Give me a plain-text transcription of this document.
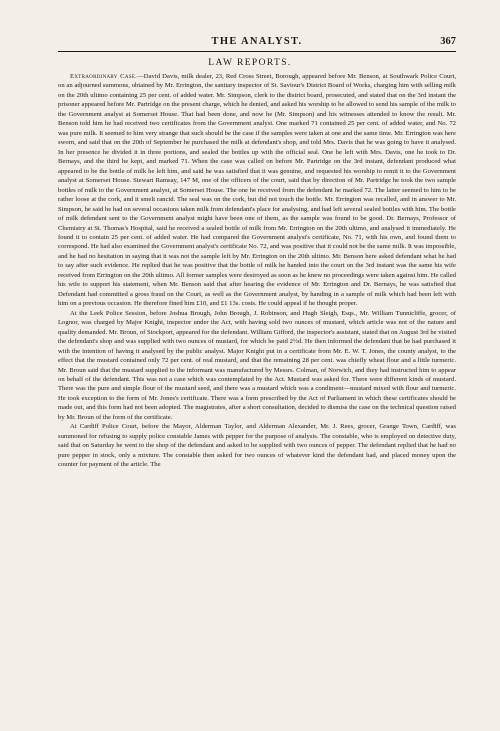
THE ANALYST.	367
LAW REPORTS.

Extraordinary Case.—David Davis, milk dealer, 23, Red Cross Street, Borough, appeared before Mr. Benson, at Southwark Police Court, on an adjourned summons, obtained by Mr. Errington, the sanitary inspector of St. Saviour's District Board of Works, charging him with selling milk on the 20th ultimo containing 25 per cent. of added water. Mr. Simpson, clerk to the district board, prosecuted, and stated that on the 3rd instant the prisoner appeared before Mr. Partridge on the present charge, which he denied, and asked his worship to be allowed to send his sample of the milk to the Government analyst at Somerset House. That had been done, and now he (Mr. Simpson) and his witnesses attended to know the result. Mr. Benson told him he had received two certificates from the Government analyst. One marked 71 contained 25 per cent. of added water, and No. 72 was pure milk. It seemed to him very strange that such should be the case if the samples were taken at one and the same time. Mr. Errington was here sworn, and said that on the 20th of September he purchased the milk at defendant's shop, and told Mrs. Davis that he was going to have it analysed. In her presence he divided it in three portions, and sealed the bottles up with the official seal. One he left with Mrs. Davis, one he took to Dr. Bernays, and the third he kept, and marked 71. When the case was called on before Mr. Partridge on the 3rd instant, defendant produced what appeared to be the bottle of milk he left him, and said he was satisfied that it was genuine, and requested his worship to remit it to the Government analyst at Somerset House. Stewart Ramsay, 147 M, one of the officers of the court, said that by direction of Mr. Partridge he took the two sample bottles of milk to the Government analyst, at Somerset House. The one he received from the defendant he marked 72. The latter seemed to him to be rather loose at the cork, and it smelt rancid. The seal was on the cork, but did not touch the bottle. Mr. Errington was recalled, and in answer to Mr. Simpson, he said he had on several occasions taken milk from defendant's place for analysing, and had left several sealed bottles with him. The bottle of milk defendant sent to the Government analyst might have been one of them, as the sample was found to be good. Dr. Bernays, Professor of Chemistry at St. Thomas's Hospital, said he received a sealed bottle of milk from Mr. Errington on the 20th ultimo, and analysed it immediately. He found it to contain 25 per cent. of added water. He had compared the Government analyst's certificate, No. 71, with his own, and found them to correspond. He had also examined the Government analyst's certificate No. 72, and was positive that it could not be the same milk. It was impossible, and he had no hesitation in saying that it was not the sample left by Mr. Errington on the 20th ultimo. Mr. Benson here asked defendant what he had to say after such evidence. He replied that he was positive that the bottle of milk he handed into the court on the 3rd instant was the same his wife received from Errington on the 20th ultimo. All former samples were destroyed as soon as he knew no proceedings were taken against him. He called his wife to support his statement, when Mr. Benson said that after hearing the evidence of Mr. Errington and Dr. Bernays, he was satisfied that Defendant had committed a gross fraud on the Court, as well as the Government analyst, by handing in a sample of milk which had been left with him on a previous occasion. He therefore fined him £10, and £1 13s. costs. He could appeal if he thought proper.

At the Leek Police Session, before Joshua Brough, John Brough, J. Robinson, and Hugh Sleigh, Esqs., Mr. William Tunnicliffe, grocer, of Lognor, was charged by Major Knight, inspector under the Act, with having sold two ounces of mustard, which article was not of the nature and quality demanded. Mr. Broun, of Stockport, appeared for the defendant. William Gifford, the inspector's assistant, stated that on August 3rd he visited the defendant's shop and was supplied with two ounces of mustard, for which he paid 2½d. He then informed the defendant that he had purchased it with the intention of having it analysed by the public analyst. Major Knight put in a certificate from Mr. E. W. T. Jones, the county analyst, to the effect that the mustard contained only 72 per cent. of real mustard, and that the remaining 28 per cent. was chiefly wheat flour and a little turmeric. Mr. Broun said that the mustard supplied to the informant was manufactured by Messrs. Colman, of Norwich, and they had instructed him to appear on behalf of the defendant. This was not a case which was contemplated by the Act. Mustard was asked for. There were different kinds of mustard. There was the pure and simple flour of the mustard seed, and there was a mustard which was a condiment—mustard mixed with flour and turmeric. He took exception to the form of Mr. Jones's certificate. There was a form prescribed by the Act of Parliament in which these certificates should be made out, and this form had not been adopted. The magistrates, after a short consultation, decided to dismiss the case on the technical question raised by Mr. Broun of the form of the certificate.

At Cardiff Police Court, before the Mayor, Alderman Taylor, and Alderman Alexander, Mr. J. Rees, grocer, Grange Town, Cardiff, was summoned for refusing to supply police constable James with pepper for the purpose of analysis. The constable, who is employed on detective duty, said that on Saturday he went to the shop of the defendant and asked to be supplied with two ounces of pepper. The defendant replied that he had no pure pepper in stock, only a mixture. The constable then asked for two ounces of whatever kind the defendant had, and placed money upon the counter for payment of the article. The
